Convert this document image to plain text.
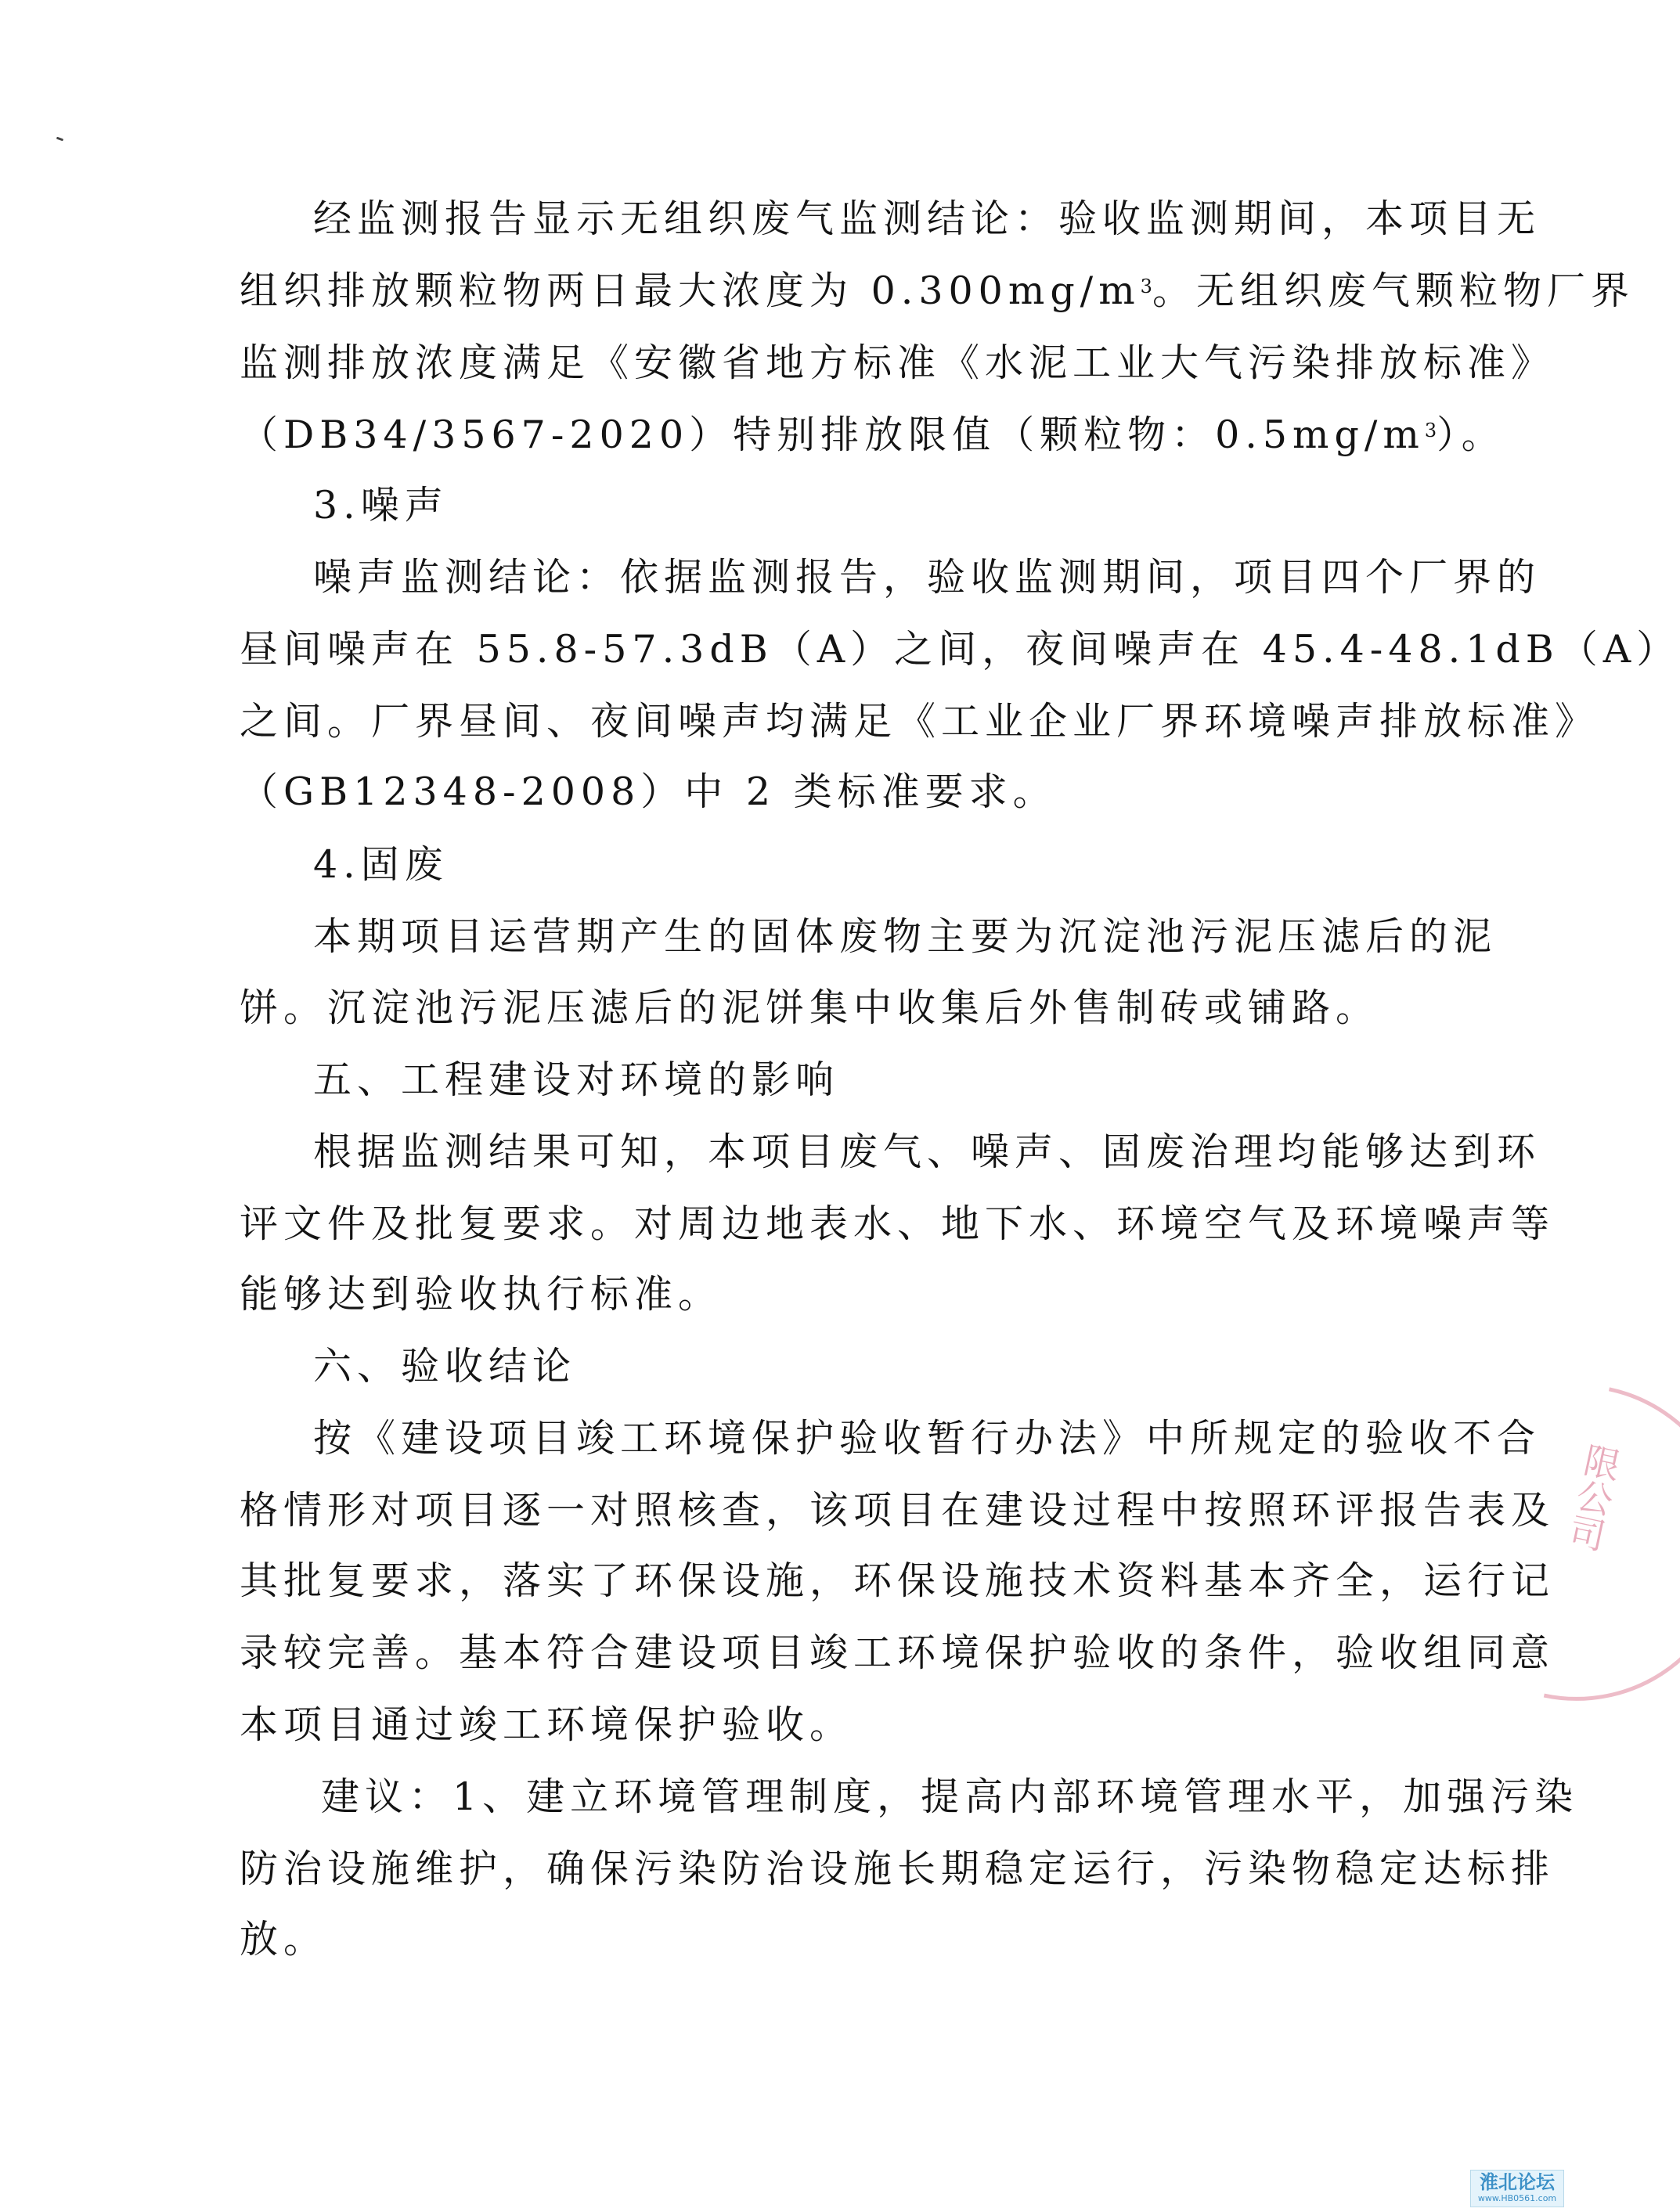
经监测报告显示无组织废气监测结论：验收监测期间，本项目无
组织排放颗粒物两日最大浓度为 $0.300mg/m^3$。无组织废气颗粒物厂界
监测排放浓度满足《安徽省地方标准《水泥工业大气污染排放标准》
（DB34/3567-2020）特别排放限值（颗粒物：$0.5mg/m^3$）。
3.噪声
噪声监测结论：依据监测报告，验收监测期间，项目四个厂界的
昼间噪声在 55.8-57.3dB（A）之间，夜间噪声在 45.4-48.1dB（A）
之间。厂界昼间、夜间噪声均满足《工业企业厂界环境噪声排放标准》
（GB12348-2008）中 2 类标准要求。
4.固废
本期项目运营期产生的固体废物主要为沉淀池污泥压滤后的泥
饼。沉淀池污泥压滤后的泥饼集中收集后外售制砖或铺路。
五、工程建设对环境的影响
根据监测结果可知，本项目废气、噪声、固废治理均能够达到环
评文件及批复要求。对周边地表水、地下水、环境空气及环境噪声等
能够达到验收执行标准。
六、验收结论
按《建设项目竣工环境保护验收暂行办法》中所规定的验收不合
格情形对项目逐一对照核查，该项目在建设过程中按照环评报告表及
其批复要求，落实了环保设施，环保设施技术资料基本齐全，运行记
录较完善。基本符合建设项目竣工环境保护验收的条件，验收组同意
本项目通过竣工环境保护验收。
建议：1、建立环境管理制度，提高内部环境管理水平，加强污染
防治设施维护，确保污染防治设施长期稳定运行，污染物稳定达标排
放。
限公司
淮北论坛
www.HB0561.com
